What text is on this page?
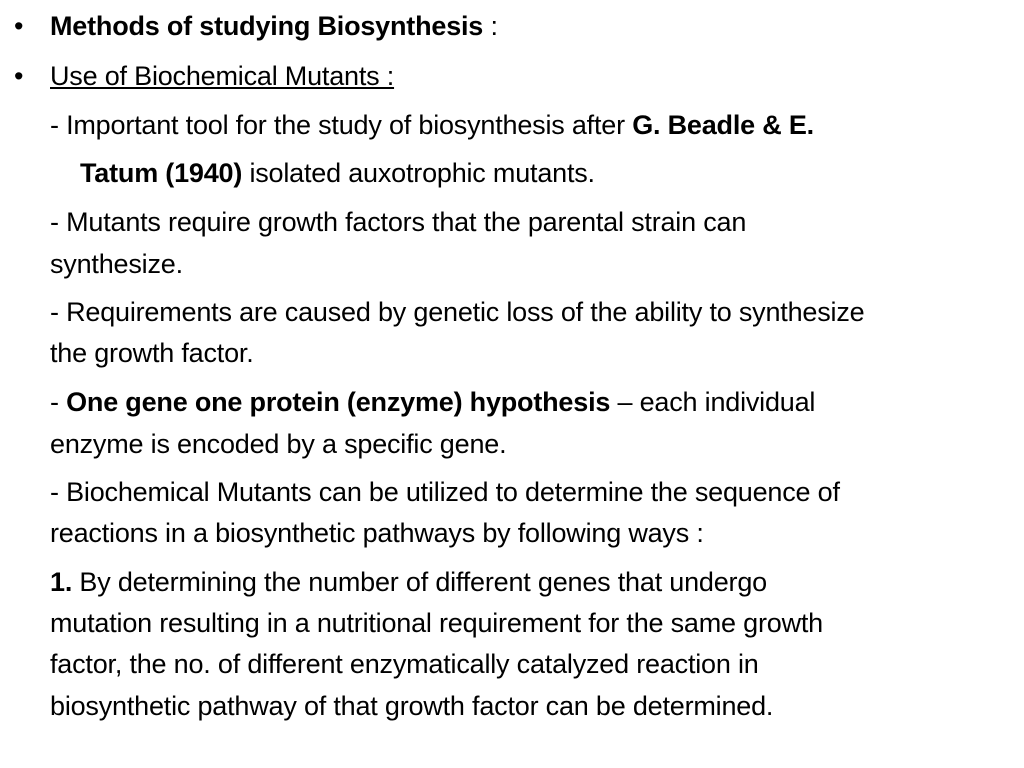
• Methods of studying Biosynthesis :
• Use of Biochemical Mutants :
- Important tool for the study of biosynthesis after G. Beadle & E.
Tatum (1940) isolated auxotrophic mutants.
- Mutants require growth factors that the parental strain can
synthesize.
- Requirements are caused by genetic loss of the ability to synthesize
the growth factor.
- One gene one protein (enzyme) hypothesis – each individual
enzyme is encoded by a specific gene.
- Biochemical Mutants can be utilized to determine the sequence of
reactions in a biosynthetic pathways by following ways :
1. By determining the number of different genes that undergo
mutation resulting in a nutritional requirement for the same growth
factor, the no. of different enzymatically catalyzed reaction in
biosynthetic pathway of that growth factor can be determined.
